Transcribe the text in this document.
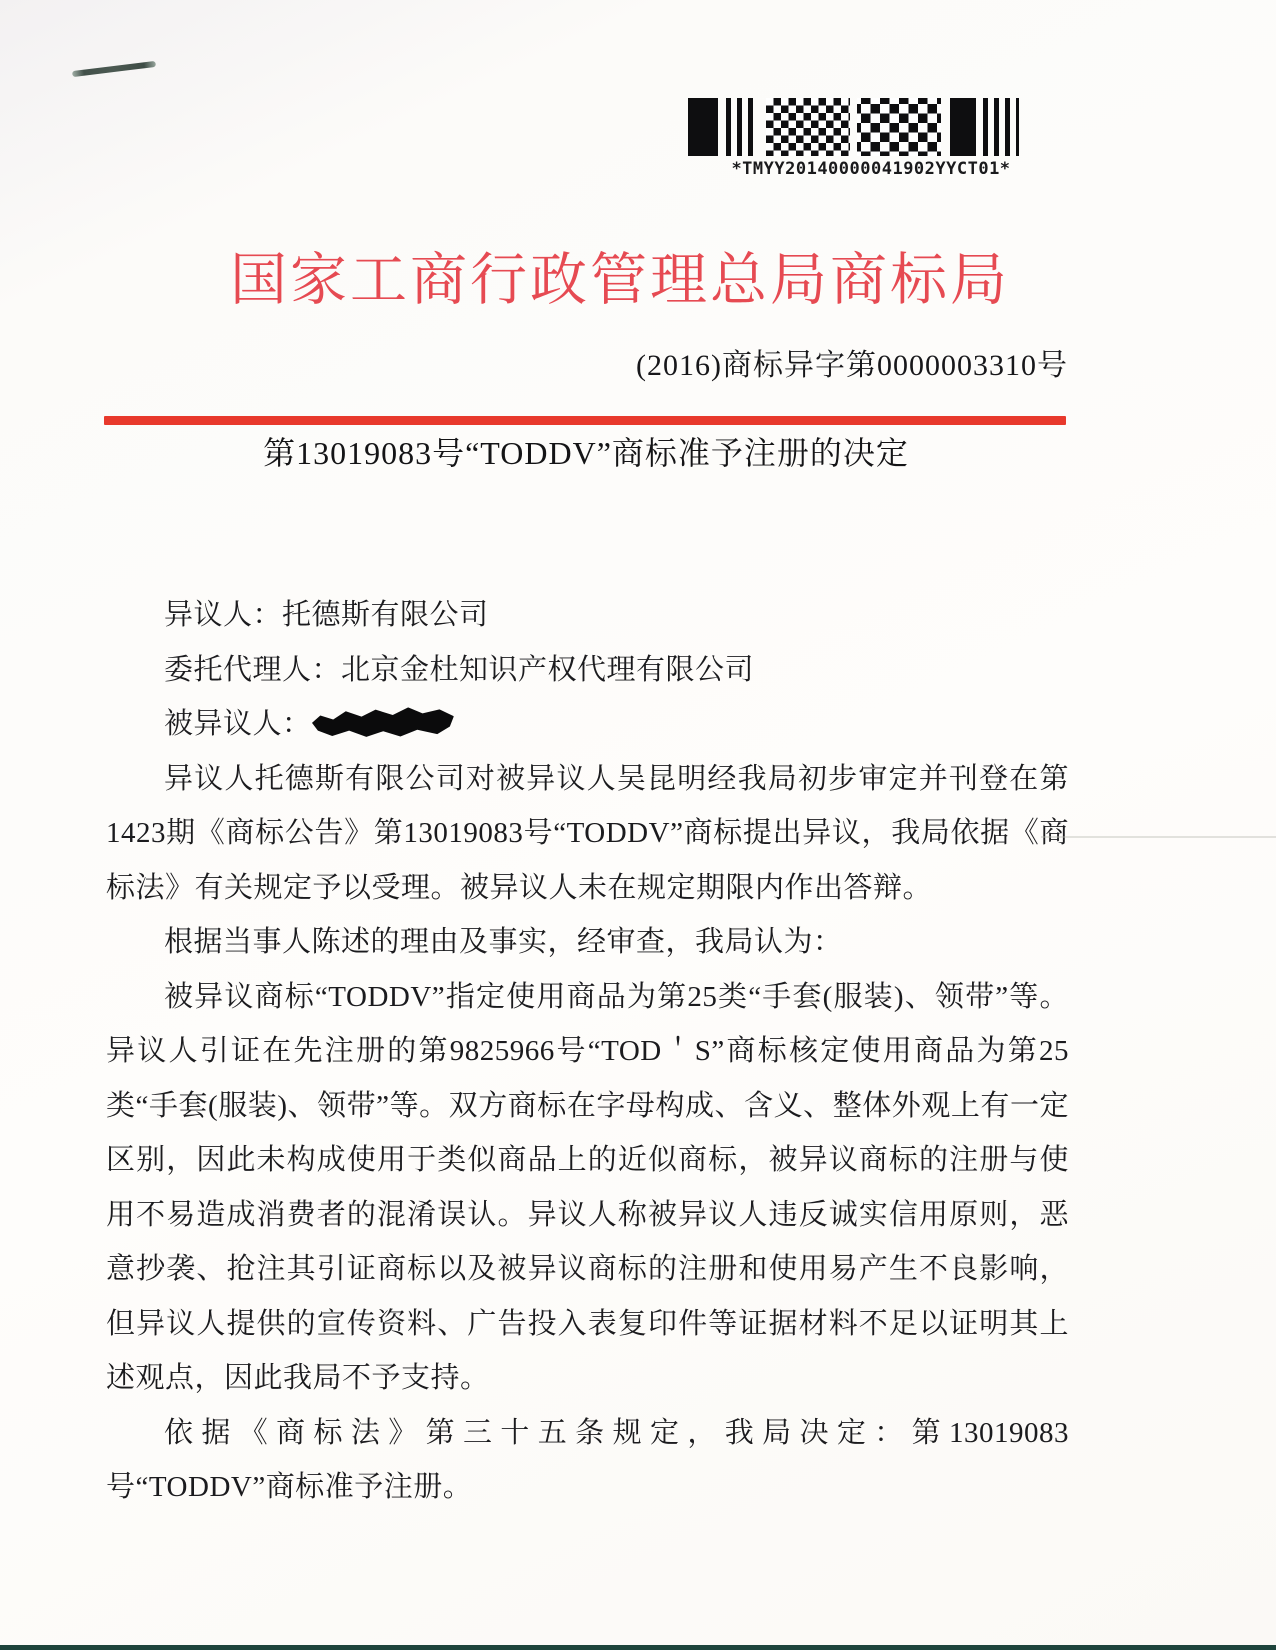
*TMYY20140000041902YYCT01*
国家工商行政管理总局商标局
(2016)商标异字第0000003310号
第13019083号“TODDV”商标准予注册的决定

异议人：托德斯有限公司

委托代理人：北京金杜知识产权代理有限公司

被异议人：

异议人托德斯有限公司对被异议人吴昆明经我局初步审定并刊登在第1423期《商标公告》第13019083号“TODDV”商标提出异议，我局依据《商标法》有关规定予以受理。被异议人未在规定期限内作出答辩。

根据当事人陈述的理由及事实，经审查，我局认为：

被异议商标“TODDV”指定使用商品为第25类“手套(服装)、领带”等。异议人引证在先注册的第9825966号“TOD＇S”商标核定使用商品为第25类“手套(服装)、领带”等。双方商标在字母构成、含义、整体外观上有一定区别，因此未构成使用于类似商品上的近似商标，被异议商标的注册与使用不易造成消费者的混淆误认。异议人称被异议人违反诚实信用原则，恶意抄袭、抢注其引证商标以及被异议商标的注册和使用易产生不良影响，但异议人提供的宣传资料、广告投入表复印件等证据材料不足以证明其上述观点，因此我局不予支持。

依据《商标法》第三十五条规定，我局决定：第13019083号“TODDV”商标准予注册。
